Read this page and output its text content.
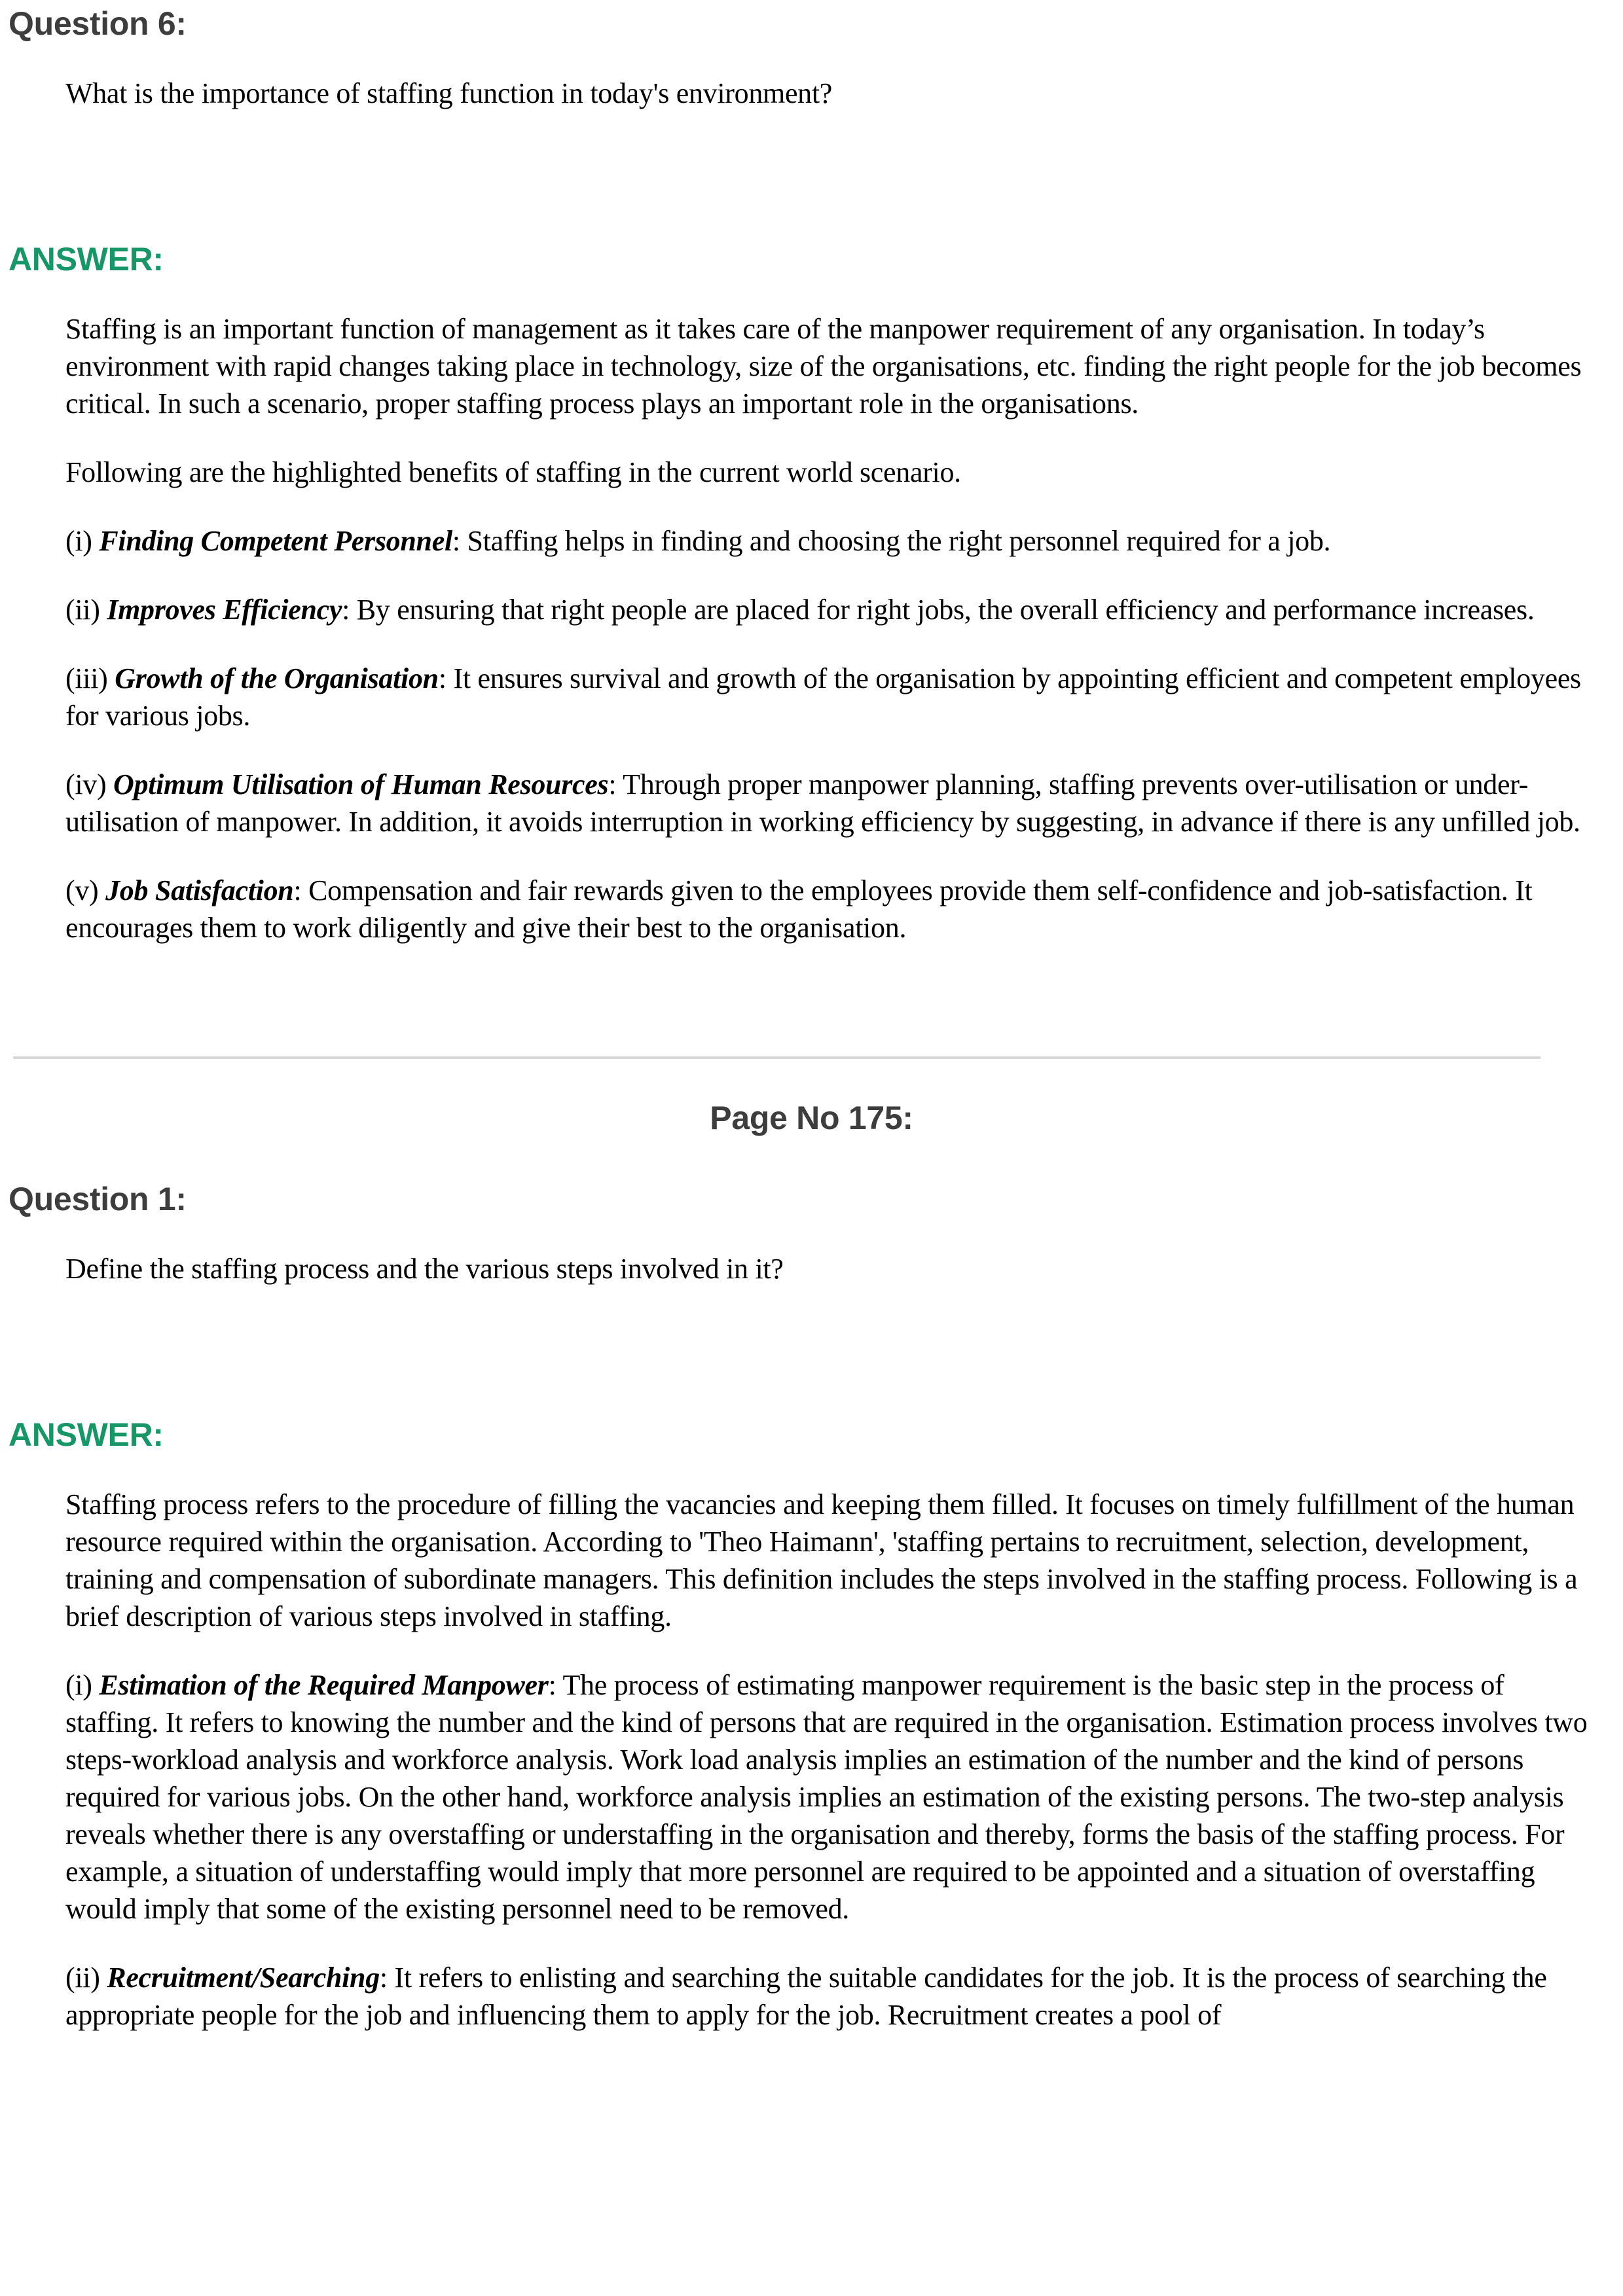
Question 6:

What is the importance of staffing function in today's environment?

ANSWER:

Staffing is an important function of management as it takes care of the manpower requirement of any organisation. In today’s environment with rapid changes taking place in technology, size of the organisations, etc. finding the right people for the job becomes critical. In such a scenario, proper staffing process plays an important role in the organisations.

Following are the highlighted benefits of staffing in the current world scenario.

(i) Finding Competent Personnel: Staffing helps in finding and choosing the right personnel required for a job.

(ii) Improves Efficiency: By ensuring that right people are placed for right jobs, the overall efficiency and performance increases.

(iii) Growth of the Organisation: It ensures survival and growth of the organisation by appointing efficient and competent employees for various jobs.

(iv) Optimum Utilisation of Human Resources: Through proper manpower planning, staffing prevents over-utilisation or under-utilisation of manpower. In addition, it avoids interruption in working efficiency by suggesting, in advance if there is any unfilled job.

(v) Job Satisfaction: Compensation and fair rewards given to the employees provide them self-confidence and job-satisfaction. It encourages them to work diligently and give their best to the organisation.

Page No 175:
Question 1:

Define the staffing process and the various steps involved in it?

ANSWER:

Staffing process refers to the procedure of filling the vacancies and keeping them filled. It focuses on timely fulfillment of the human resource required within the organisation. According to 'Theo Haimann', 'staffing pertains to recruitment, selection, development, training and compensation of subordinate managers. This definition includes the steps involved in the staffing process. Following is a brief description of various steps involved in staffing.

(i) Estimation of the Required Manpower: The process of estimating manpower requirement is the basic step in the process of staffing. It refers to knowing the number and the kind of persons that are required in the organisation. Estimation process involves two steps-workload analysis and workforce analysis. Work load analysis implies an estimation of the number and the kind of persons required for various jobs. On the other hand, workforce analysis implies an estimation of the existing persons. The two-step analysis reveals whether there is any overstaffing or understaffing in the organisation and thereby, forms the basis of the staffing process. For example, a situation of understaffing would imply that more personnel are required to be appointed and a situation of overstaffing would imply that some of the existing personnel need to be removed.

(ii) Recruitment/Searching: It refers to enlisting and searching the suitable candidates for the job. It is the process of searching the appropriate people for the job and influencing them to apply for the job. Recruitment creates a pool of
